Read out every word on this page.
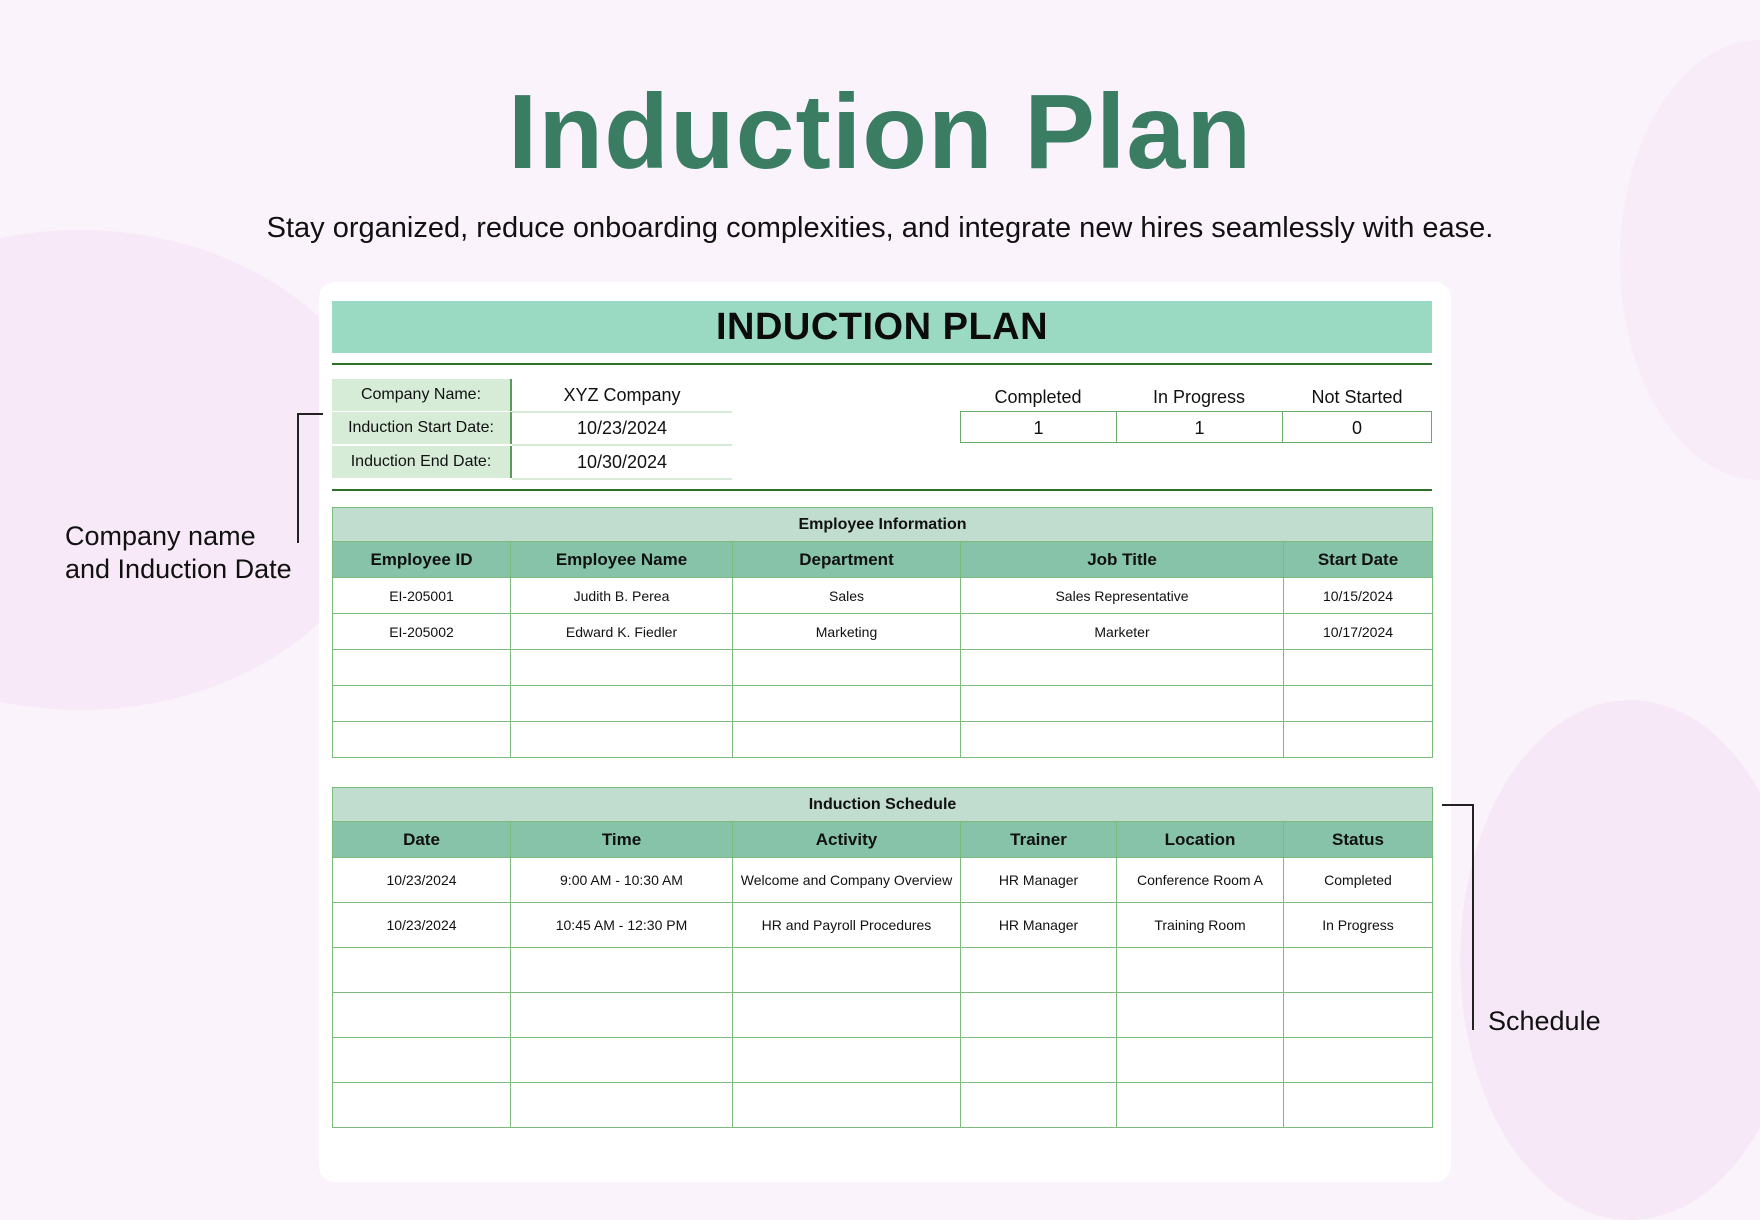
Induction Plan
Stay organized, reduce onboarding complexities, and integrate new hires seamlessly with ease.
INDUCTION PLAN
Company Name:	XYZ Company
Induction Start Date:	10/23/2024
Induction End Date:	10/30/2024
Completed	In Progress	Not Started
1	1	0
Employee Information				
Employee ID	Employee Name	Department	Job Title	Start Date
EI-205001	Judith B. Perea	Sales	Sales Representative	10/15/2024
EI-205002	Edward K. Fiedler	Marketing	Marketer	10/17/2024

Induction Schedule					
Date	Time	Activity	Trainer	Location	Status
10/23/2024	9:00 AM - 10:30 AM	Welcome and Company Overview	HR Manager	Conference Room A	Completed
10/23/2024	10:45 AM - 12:30 PM	HR and Payroll Procedures	HR Manager	Training Room	In Progress

Company name
and Induction Date
Schedule
